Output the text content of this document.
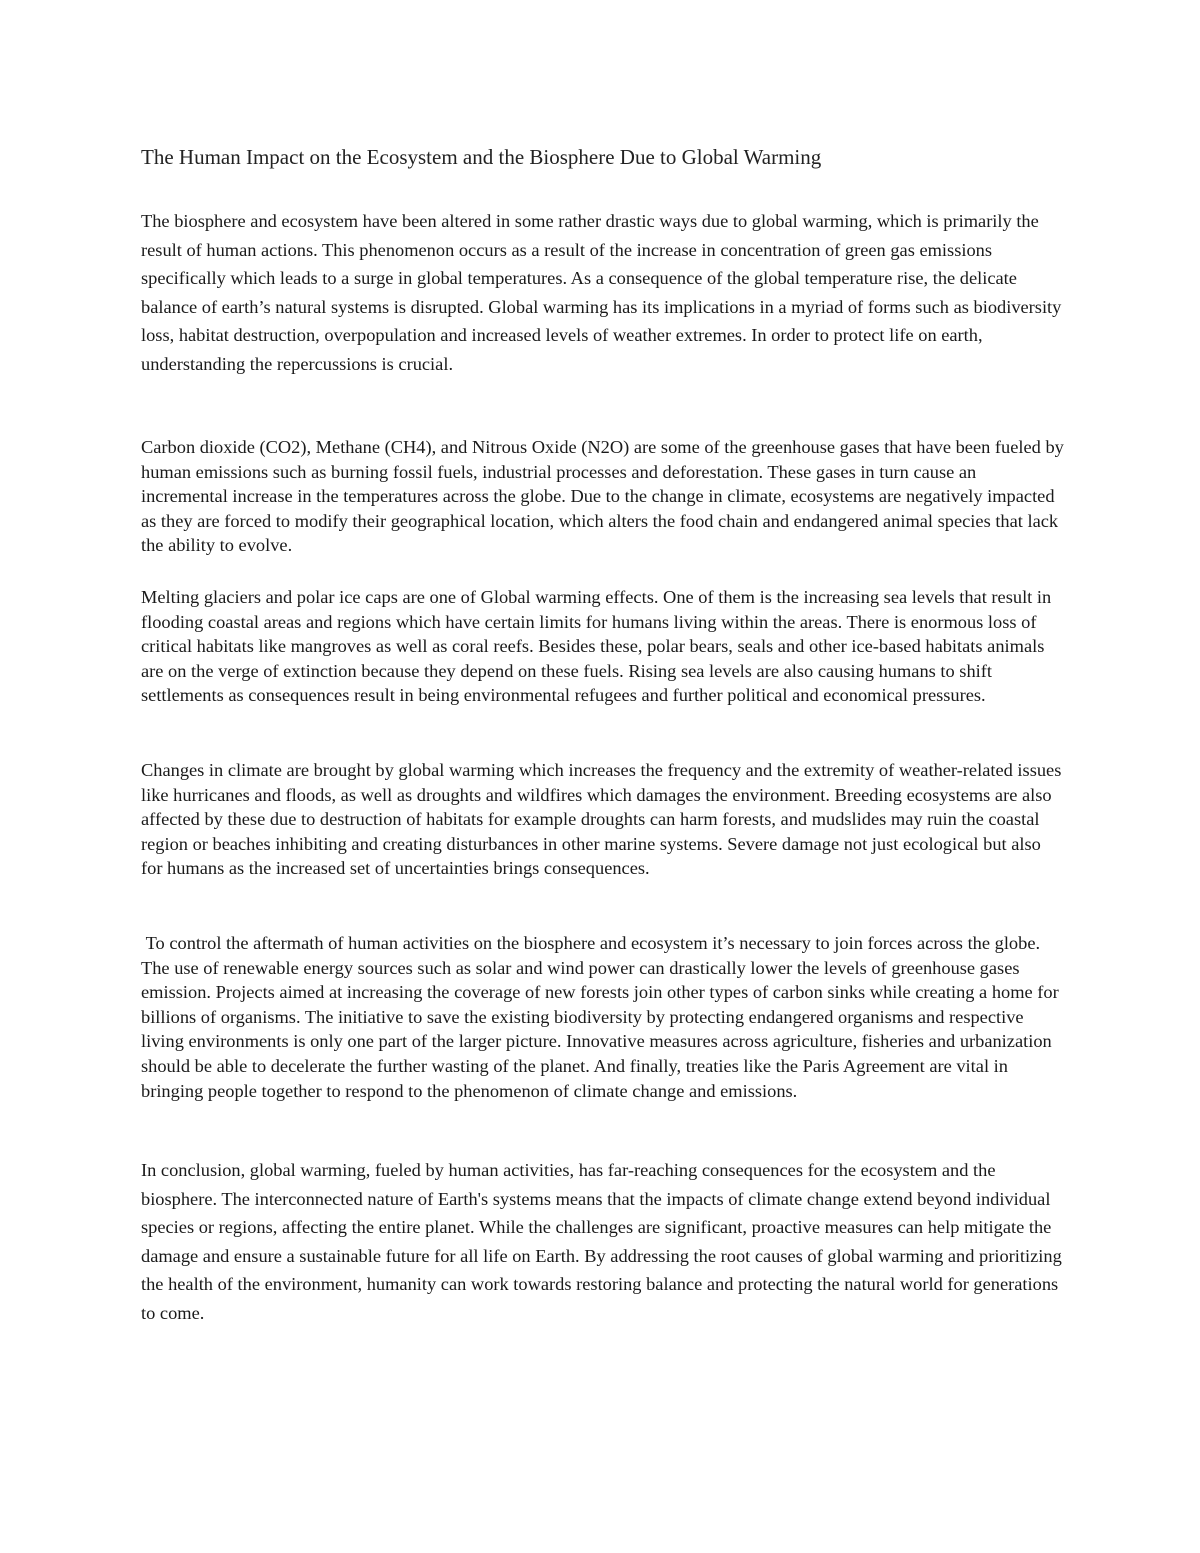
The Human Impact on the Ecosystem and the Biosphere Due to Global Warming

The biosphere and ecosystem have been altered in some rather drastic ways due to global warming, which is primarily the result of human actions. This phenomenon occurs as a result of the increase in concentration of green gas emissions specifically which leads to a surge in global temperatures. As a consequence of the global temperature rise, the delicate balance of earth’s natural systems is disrupted. Global warming has its implications in a myriad of forms such as biodiversity loss, habitat destruction, overpopulation and increased levels of weather extremes. In order to protect life on earth, understanding the repercussions is crucial.

Carbon dioxide (CO2), Methane (CH4), and Nitrous Oxide (N2O) are some of the greenhouse gases that have been fueled by human emissions such as burning fossil fuels, industrial processes and deforestation. These gases in turn cause an incremental increase in the temperatures across the globe. Due to the change in climate, ecosystems are negatively impacted as they are forced to modify their geographical location, which alters the food chain and endangered animal species that lack the ability to evolve.

Melting glaciers and polar ice caps are one of Global warming effects. One of them is the increasing sea levels that result in flooding coastal areas and regions which have certain limits for humans living within the areas. There is enormous loss of critical habitats like mangroves as well as coral reefs. Besides these, polar bears, seals and other ice-based habitats animals are on the verge of extinction because they depend on these fuels. Rising sea levels are also causing humans to shift settlements as consequences result in being environmental refugees and further political and economical pressures.

Changes in climate are brought by global warming which increases the frequency and the extremity of weather-related issues like hurricanes and floods, as well as droughts and wildfires which damages the environment. Breeding ecosystems are also affected by these due to destruction of habitats for example droughts can harm forests, and mudslides may ruin the coastal region or beaches inhibiting and creating disturbances in other marine systems. Severe damage not just ecological but also for humans as the increased set of uncertainties brings consequences.

To control the aftermath of human activities on the biosphere and ecosystem it’s necessary to join forces across the globe. The use of renewable energy sources such as solar and wind power can drastically lower the levels of greenhouse gases emission. Projects aimed at increasing the coverage of new forests join other types of carbon sinks while creating a home for billions of organisms. The initiative to save the existing biodiversity by protecting endangered organisms and respective living environments is only one part of the larger picture. Innovative measures across agriculture, fisheries and urbanization should be able to decelerate the further wasting of the planet. And finally, treaties like the Paris Agreement are vital in bringing people together to respond to the phenomenon of climate change and emissions.

In conclusion, global warming, fueled by human activities, has far-reaching consequences for the ecosystem and the biosphere. The interconnected nature of Earth's systems means that the impacts of climate change extend beyond individual species or regions, affecting the entire planet. While the challenges are significant, proactive measures can help mitigate the damage and ensure a sustainable future for all life on Earth. By addressing the root causes of global warming and prioritizing the health of the environment, humanity can work towards restoring balance and protecting the natural world for generations to come.
